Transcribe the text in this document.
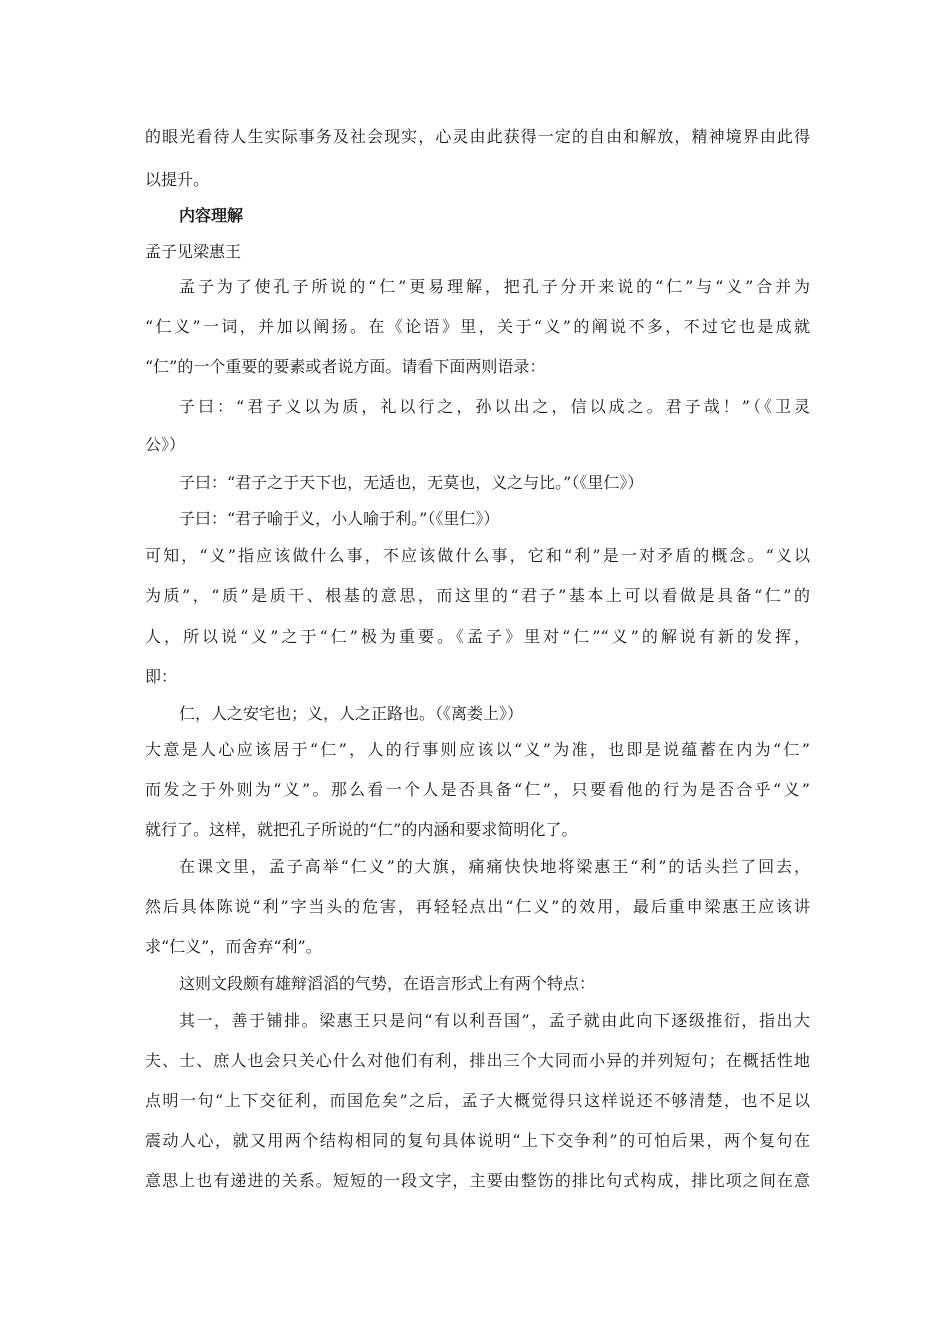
的眼光看待人生实际事务及社会现实，心灵由此获得一定的自由和解放，精神境界由此得

以提升。

内容理解

孟子见梁惠王

孟子为了使孔子所说的“仁”更易理解，把孔子分开来说的“仁”与“义”合并为

“仁义”一词，并加以阐扬。在《论语》里，关于“义”的阐说不多，不过它也是成就

“仁”的一个重要的要素或者说方面。请看下面两则语录：

子曰：“君子义以为质，礼以行之，孙以出之，信以成之。君子哉！”（《卫灵

公》）

子曰：“君子之于天下也，无适也，无莫也，义之与比。”（《里仁》）

子曰：“君子喻于义，小人喻于利。”（《里仁》）

可知，“义”指应该做什么事，不应该做什么事，它和“利”是一对矛盾的概念。“义以

为质”，“质”是质干、根基的意思，而这里的“君子”基本上可以看做是具备“仁”的

人，所以说“义”之于“仁”极为重要。《孟子》里对“仁”“义”的解说有新的发挥，

即：

仁，人之安宅也；义，人之正路也。（《离娄上》）

大意是人心应该居于“仁”，人的行事则应该以“义”为准，也即是说蕴蓄在内为“仁”

而发之于外则为“义”。那么看一个人是否具备“仁”，只要看他的行为是否合乎“义”

就行了。这样，就把孔子所说的“仁”的内涵和要求简明化了。

在课文里，孟子高举“仁义”的大旗，痛痛快快地将梁惠王“利”的话头拦了回去，

然后具体陈说“利”字当头的危害，再轻轻点出“仁义”的效用，最后重申梁惠王应该讲

求“仁义”，而舍弃“利”。

这则文段颇有雄辩滔滔的气势，在语言形式上有两个特点：

其一，善于铺排。梁惠王只是问“有以利吾国”，孟子就由此向下逐级推衍，指出大

夫、士、庶人也会只关心什么对他们有利，排出三个大同而小异的并列短句；在概括性地

点明一句“上下交征利，而国危矣”之后，孟子大概觉得只这样说还不够清楚，也不足以

震动人心，就又用两个结构相同的复句具体说明“上下交争利”的可怕后果，两个复句在

意思上也有递进的关系。短短的一段文字，主要由整饬的排比句式构成，排比项之间在意
